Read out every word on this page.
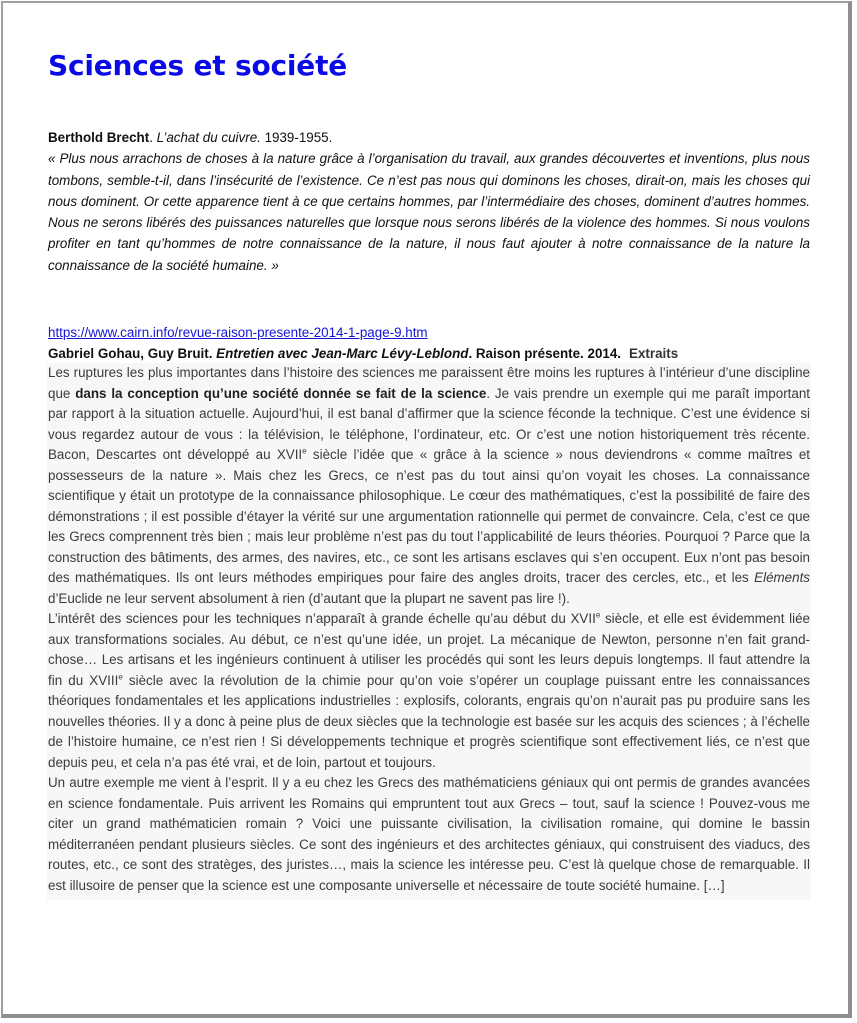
Sciences et société

Berthold Brecht. L’achat du cuivre. 1939-1955.

« Plus nous arrachons de choses à la nature grâce à l’organisation du travail, aux grandes découvertes et inventions, plus nous tombons, semble-t-il, dans l’insécurité de l’existence. Ce n’est pas nous qui dominons les choses, dirait-on, mais les choses qui nous dominent. Or cette apparence tient à ce que certains hommes, par l’intermédiaire des choses, dominent d’autres hommes. Nous ne serons libérés des puissances naturelles que lorsque nous serons libérés de la violence des hommes. Si nous voulons profiter en tant qu’hommes de notre connaissance de la nature, il nous faut ajouter à notre connaissance de la nature la connaissance de la société humaine. »

https://www.cairn.info/revue-raison-presente-2014-1-page-9.htm
Gabriel Gohau, Guy Bruit. Entretien avec Jean-Marc Lévy-Leblond. Raison présente. 2014. Extraits

Les ruptures les plus importantes dans l’histoire des sciences me paraissent être moins les ruptures à l’intérieur d’une discipline que dans la conception qu’une société donnée se fait de la science. Je vais prendre un exemple qui me paraît important par rapport à la situation actuelle. Aujourd’hui, il est banal d’affirmer que la science féconde la technique. C’est une évidence si vous regardez autour de vous : la télévision, le téléphone, l’ordinateur, etc. Or c’est une notion historiquement très récente. Bacon, Descartes ont développé au XVIIe siècle l’idée que « grâce à la science » nous deviendrons « comme maîtres et possesseurs de la nature ». Mais chez les Grecs, ce n’est pas du tout ainsi qu’on voyait les choses. La connaissance scientifique y était un prototype de la connaissance philosophique. Le cœur des mathématiques, c’est la possibilité de faire des démonstrations ; il est possible d’étayer la vérité sur une argumentation rationnelle qui permet de convaincre. Cela, c’est ce que les Grecs comprennent très bien ; mais leur problème n’est pas du tout l’applicabilité de leurs théories. Pourquoi ? Parce que la construction des bâtiments, des armes, des navires, etc., ce sont les artisans esclaves qui s’en occupent. Eux n’ont pas besoin des mathématiques. Ils ont leurs méthodes empiriques pour faire des angles droits, tracer des cercles, etc., et les Eléments d’Euclide ne leur servent absolument à rien (d’autant que la plupart ne savent pas lire !).

L’intérêt des sciences pour les techniques n’apparaît à grande échelle qu’au début du XVIIe siècle, et elle est évidemment liée aux transformations sociales. Au début, ce n’est qu’une idée, un projet. La mécanique de Newton, personne n’en fait grand-chose… Les artisans et les ingénieurs continuent à utiliser les procédés qui sont les leurs depuis longtemps. Il faut attendre la fin du XVIIIe siècle avec la révolution de la chimie pour qu’on voie s’opérer un couplage puissant entre les connaissances théoriques fondamentales et les applications industrielles : explosifs, colorants, engrais qu’on n’aurait pas pu produire sans les nouvelles théories. Il y a donc à peine plus de deux siècles que la technologie est basée sur les acquis des sciences ; à l’échelle de l’histoire humaine, ce n’est rien ! Si développements technique et progrès scientifique sont effectivement liés, ce n’est que depuis peu, et cela n’a pas été vrai, et de loin, partout et toujours.

Un autre exemple me vient à l’esprit. Il y a eu chez les Grecs des mathématiciens géniaux qui ont permis de grandes avancées en science fondamentale. Puis arrivent les Romains qui empruntent tout aux Grecs – tout, sauf la science ! Pouvez-vous me citer un grand mathématicien romain ? Voici une puissante civilisation, la civilisation romaine, qui domine le bassin méditerranéen pendant plusieurs siècles. Ce sont des ingénieurs et des architectes géniaux, qui construisent des viaducs, des routes, etc., ce sont des stratèges, des juristes…, mais la science les intéresse peu. C’est là quelque chose de remarquable. Il est illusoire de penser que la science est une composante universelle et nécessaire de toute société humaine. […]
